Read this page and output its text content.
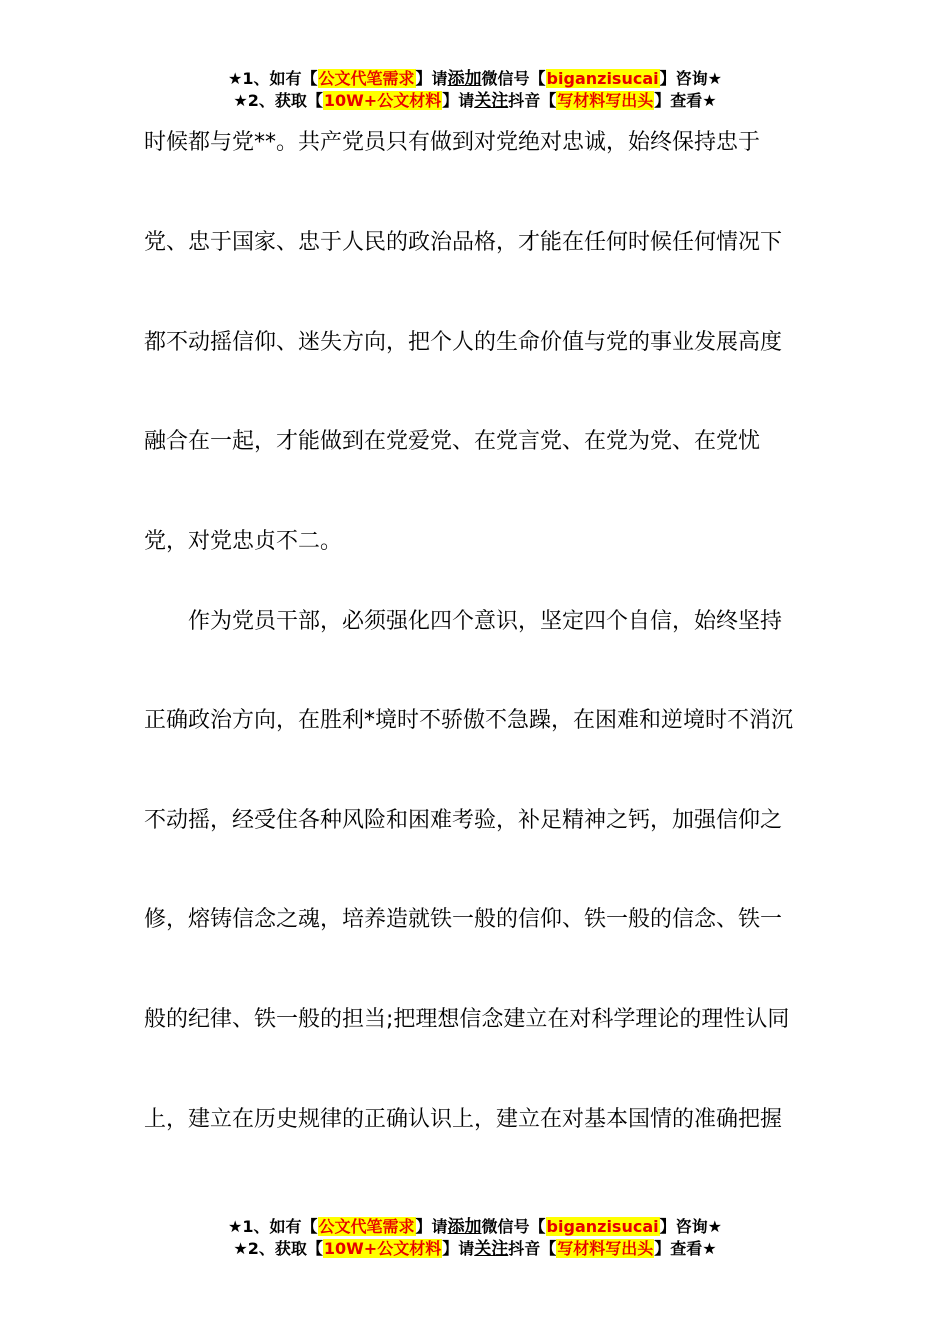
★1、如有【公文代笔需求】请添加微信号【biganzisucai】咨询★
★2、获取【10W+公文材料】请关注抖音【写材料写出头】查看★
时候都与党**。共产党员只有做到对党绝对忠诚，始终保持忠于
党、忠于国家、忠于人民的政治品格，才能在任何时候任何情况下
都不动摇信仰、迷失方向，把个人的生命价值与党的事业发展高度
融合在一起，才能做到在党爱党、在党言党、在党为党、在党忧
党，对党忠贞不二。
　　作为党员干部，必须强化四个意识，坚定四个自信，始终坚持
正确政治方向，在胜利*境时不骄傲不急躁，在困难和逆境时不消沉
不动摇，经受住各种风险和困难考验，补足精神之钙，加强信仰之
修，熔铸信念之魂，培养造就铁一般的信仰、铁一般的信念、铁一
般的纪律、铁一般的担当;把理想信念建立在对科学理论的理性认同
上，建立在历史规律的正确认识上，建立在对基本国情的准确把握
★1、如有【公文代笔需求】请添加微信号【biganzisucai】咨询★
★2、获取【10W+公文材料】请关注抖音【写材料写出头】查看★
